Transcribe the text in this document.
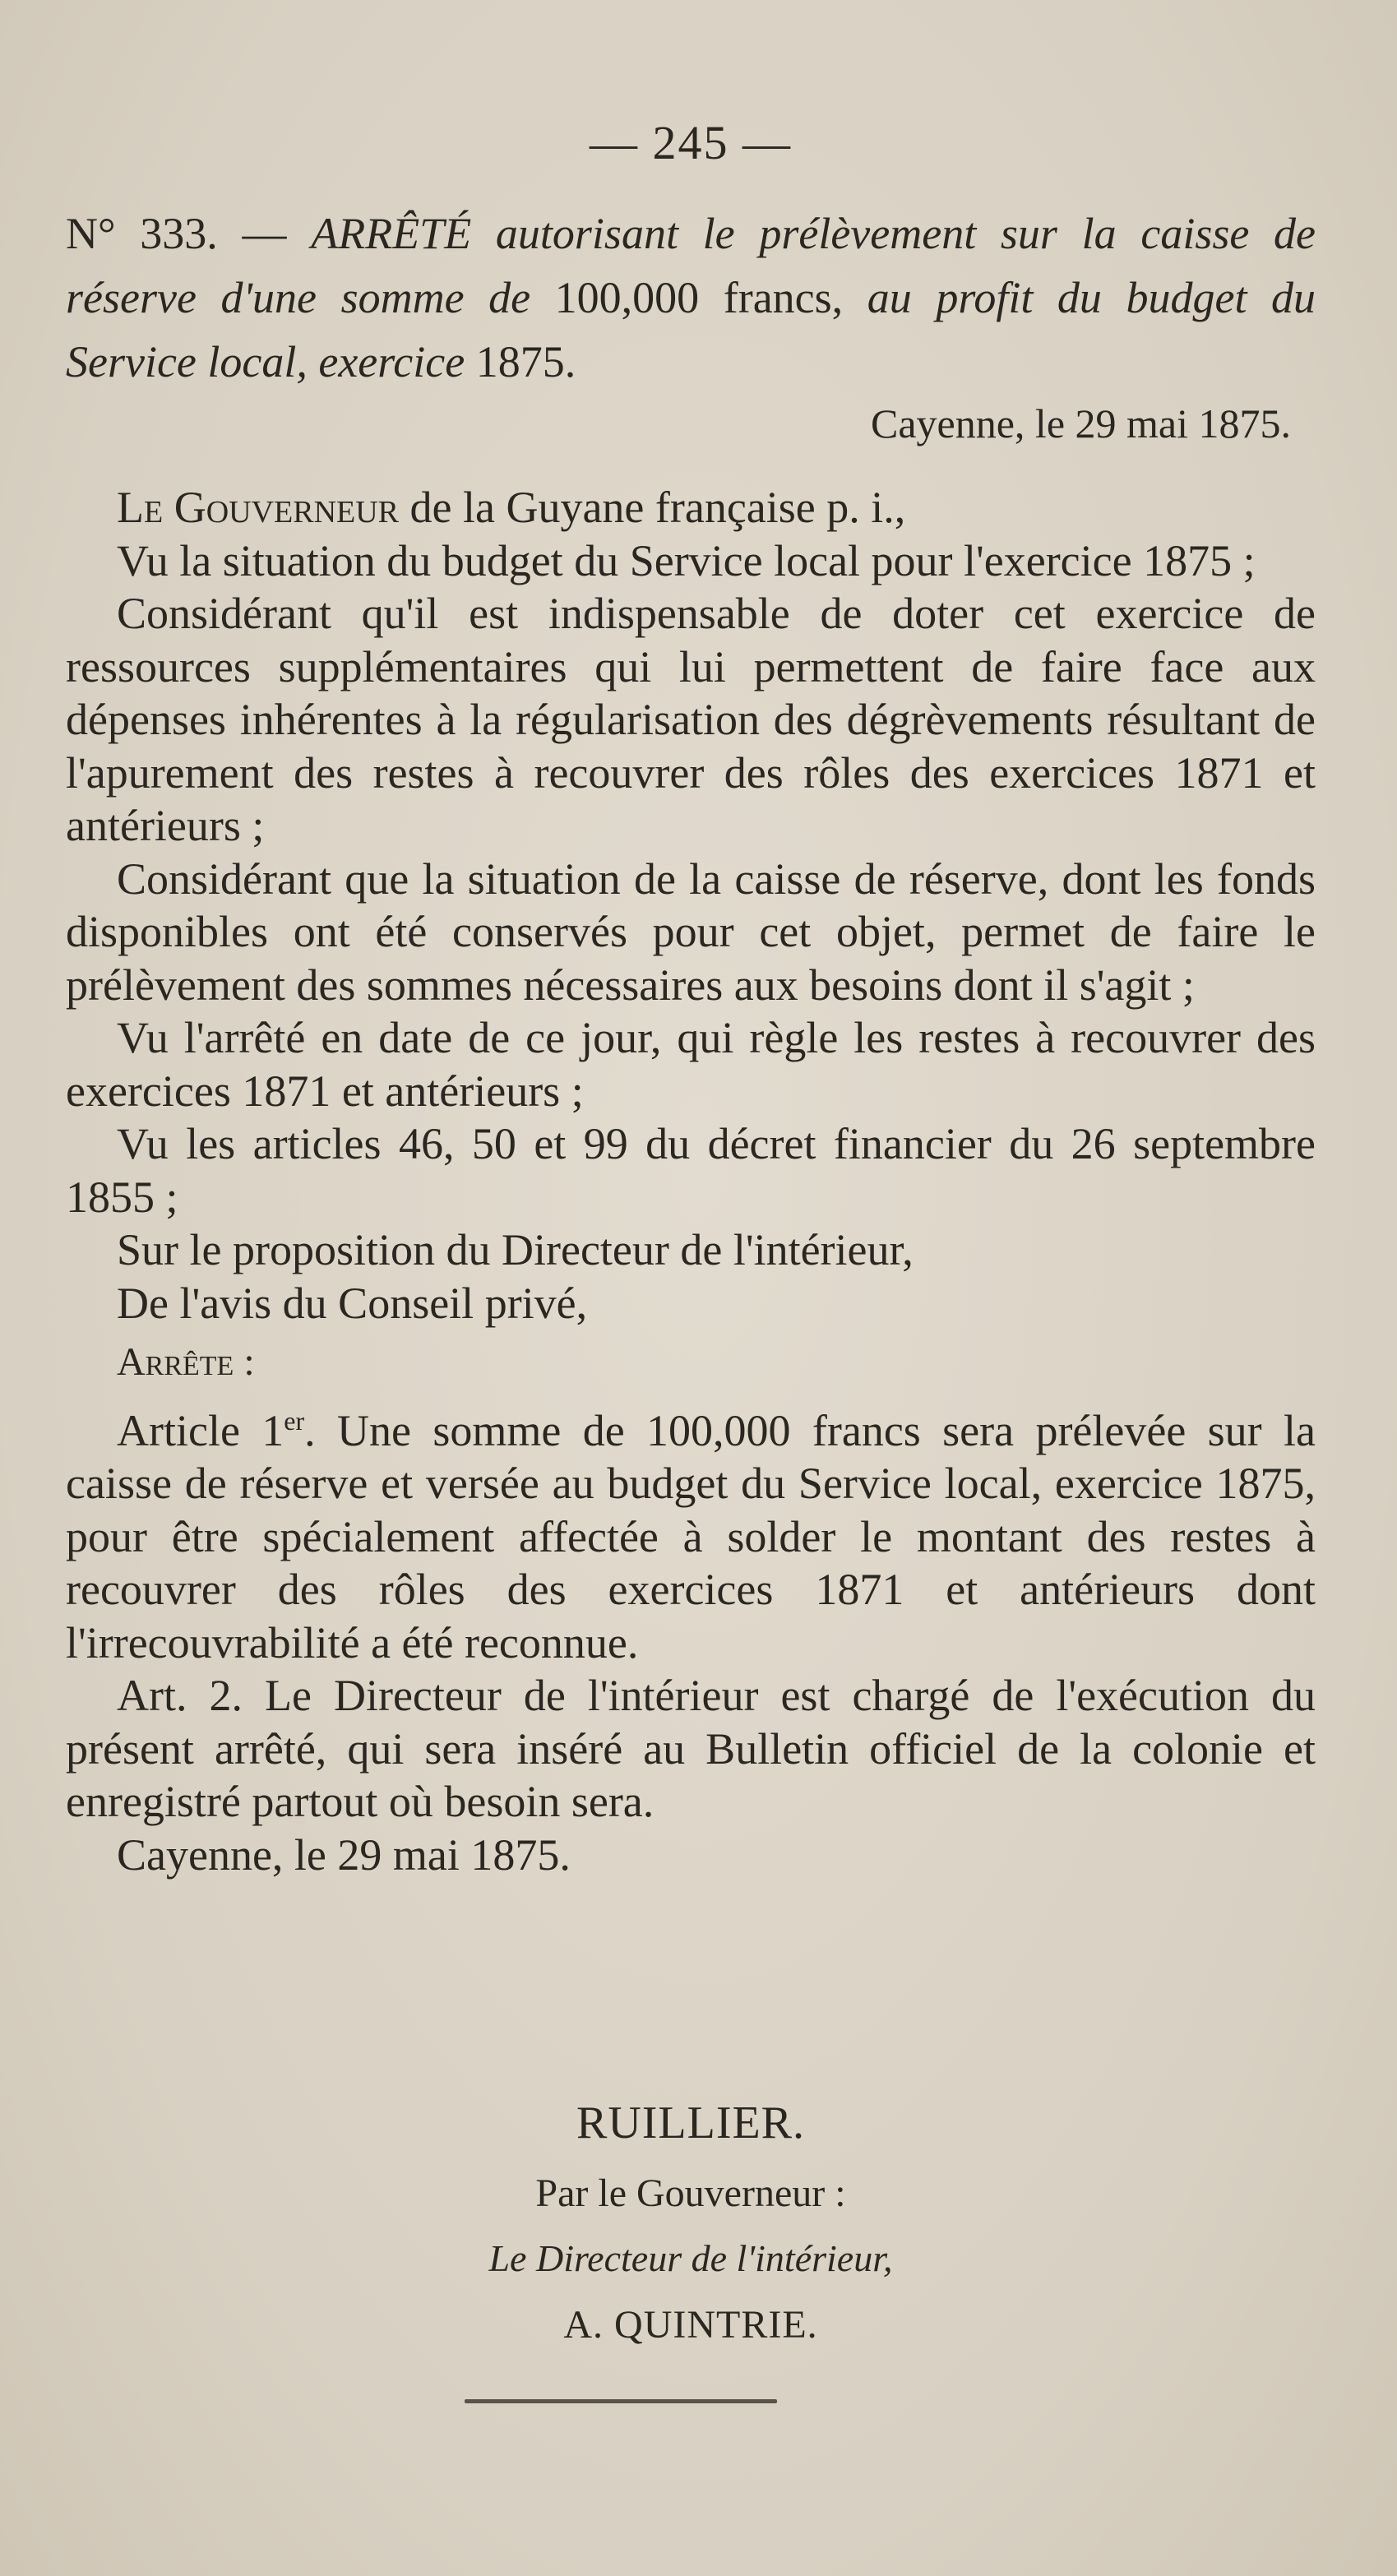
— 245 —
N° 333. — ARRÊTÉ autorisant le prélèvement sur la caisse de réserve d'une somme de 100,000 francs, au profit du budget du Service local, exercice 1875.
Cayenne, le 29 mai 1875.

Le Gouverneur de la Guyane française p. i.,

Vu la situation du budget du Service local pour l'exercice 1875 ;

Considérant qu'il est indispensable de doter cet exercice de ressources supplémentaires qui lui permettent de faire face aux dépenses inhérentes à la régularisation des dégrèvements résultant de l'apurement des restes à recouvrer des rôles des exercices 1871 et antérieurs ;

Considérant que la situation de la caisse de réserve, dont les fonds disponibles ont été conservés pour cet objet, permet de faire le prélèvement des sommes nécessaires aux besoins dont il s'agit ;

Vu l'arrêté en date de ce jour, qui règle les restes à recouvrer des exercices 1871 et antérieurs ;

Vu les articles 46, 50 et 99 du décret financier du 26 septembre 1855 ;

Sur le proposition du Directeur de l'intérieur,

De l'avis du Conseil privé,

Arrête :

Article 1er. Une somme de 100,000 francs sera prélevée sur la caisse de réserve et versée au budget du Service local, exercice 1875, pour être spécialement affectée à solder le montant des restes à recouvrer des rôles des exercices 1871 et antérieurs dont l'irrecouvrabilité a été reconnue.

Art. 2. Le Directeur de l'intérieur est chargé de l'exécution du présent arrêté, qui sera inséré au Bulletin officiel de la colonie et enregistré partout où besoin sera.

Cayenne, le 29 mai 1875.

RUILLIER.
Par le Gouverneur :
Le Directeur de l'intérieur,
A. QUINTRIE.
